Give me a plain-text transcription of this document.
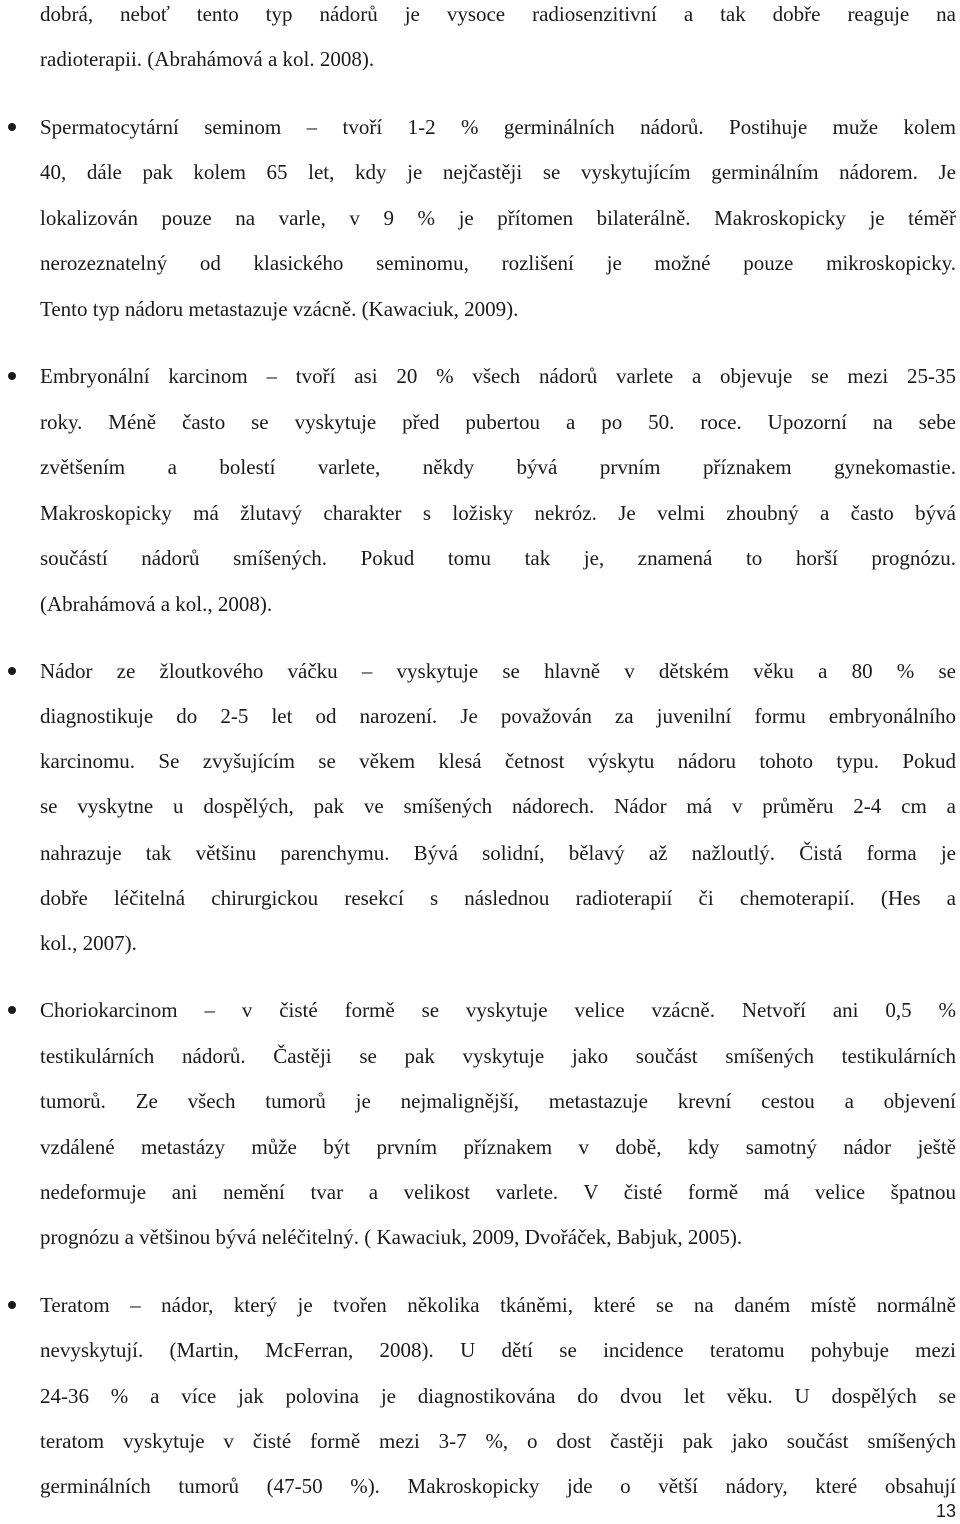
dobrá, neboť tento typ nádorů je vysoce radiosenzitivní a tak dobře reaguje na
radioterapii. (Abrahámová a kol. 2008).
Spermatocytární seminom – tvoří 1-2 % germinálních nádorů. Postihuje muže kolem
40, dále pak kolem 65 let, kdy je nejčastěji se vyskytujícím germinálním nádorem. Je
lokalizován pouze na varle, v 9 % je přítomen bilaterálně. Makroskopicky je téměř
nerozeznatelný od klasického seminomu, rozlišení je možné pouze mikroskopicky.
Tento typ nádoru metastazuje vzácně. (Kawaciuk, 2009).
Embryonální karcinom – tvoří asi 20 % všech nádorů varlete a objevuje se mezi 25-35
roky. Méně často se vyskytuje před pubertou a po 50. roce. Upozorní na sebe
zvětšením a bolestí varlete, někdy bývá prvním příznakem gynekomastie.
Makroskopicky má žlutavý charakter s ložisky nekróz. Je velmi zhoubný a často bývá
součástí nádorů smíšených. Pokud tomu tak je, znamená to horší prognózu.
(Abrahámová a kol., 2008).
Nádor ze žloutkového váčku – vyskytuje se hlavně v dětském věku a 80 % se
diagnostikuje do 2-5 let od narození. Je považován za juvenilní formu embryonálního
karcinomu. Se zvyšujícím se věkem klesá četnost výskytu nádoru tohoto typu. Pokud
se vyskytne u dospělých, pak ve smíšených nádorech. Nádor má v průměru 2-4 cm a
nahrazuje tak většinu parenchymu. Bývá solidní, bělavý až nažloutlý. Čistá forma je
dobře léčitelná chirurgickou resekcí s následnou radioterapií či chemoterapií. (Hes a
kol., 2007).
Choriokarcinom – v čisté formě se vyskytuje velice vzácně. Netvoří ani 0,5 %
testikulárních nádorů. Častěji se pak vyskytuje jako součást smíšených testikulárních
tumorů. Ze všech tumorů je nejmalignější, metastazuje krevní cestou a objevení
vzdálené metastázy může být prvním příznakem v době, kdy samotný nádor ještě
nedeformuje ani nemění tvar a velikost varlete. V čisté formě má velice špatnou
prognózu a většinou bývá neléčitelný. ( Kawaciuk, 2009, Dvořáček, Babjuk, 2005).
Teratom – nádor, který je tvořen několika tkáněmi, které se na daném místě normálně
nevyskytují. (Martin, McFerran, 2008). U dětí se incidence teratomu pohybuje mezi
24-36 % a více jak polovina je diagnostikována do dvou let věku. U dospělých se
teratom vyskytuje v čisté formě mezi 3-7 %, o dost častěji pak jako součást smíšených
germinálních tumorů (47-50 %). Makroskopicky jde o větší nádory, které obsahují
13
